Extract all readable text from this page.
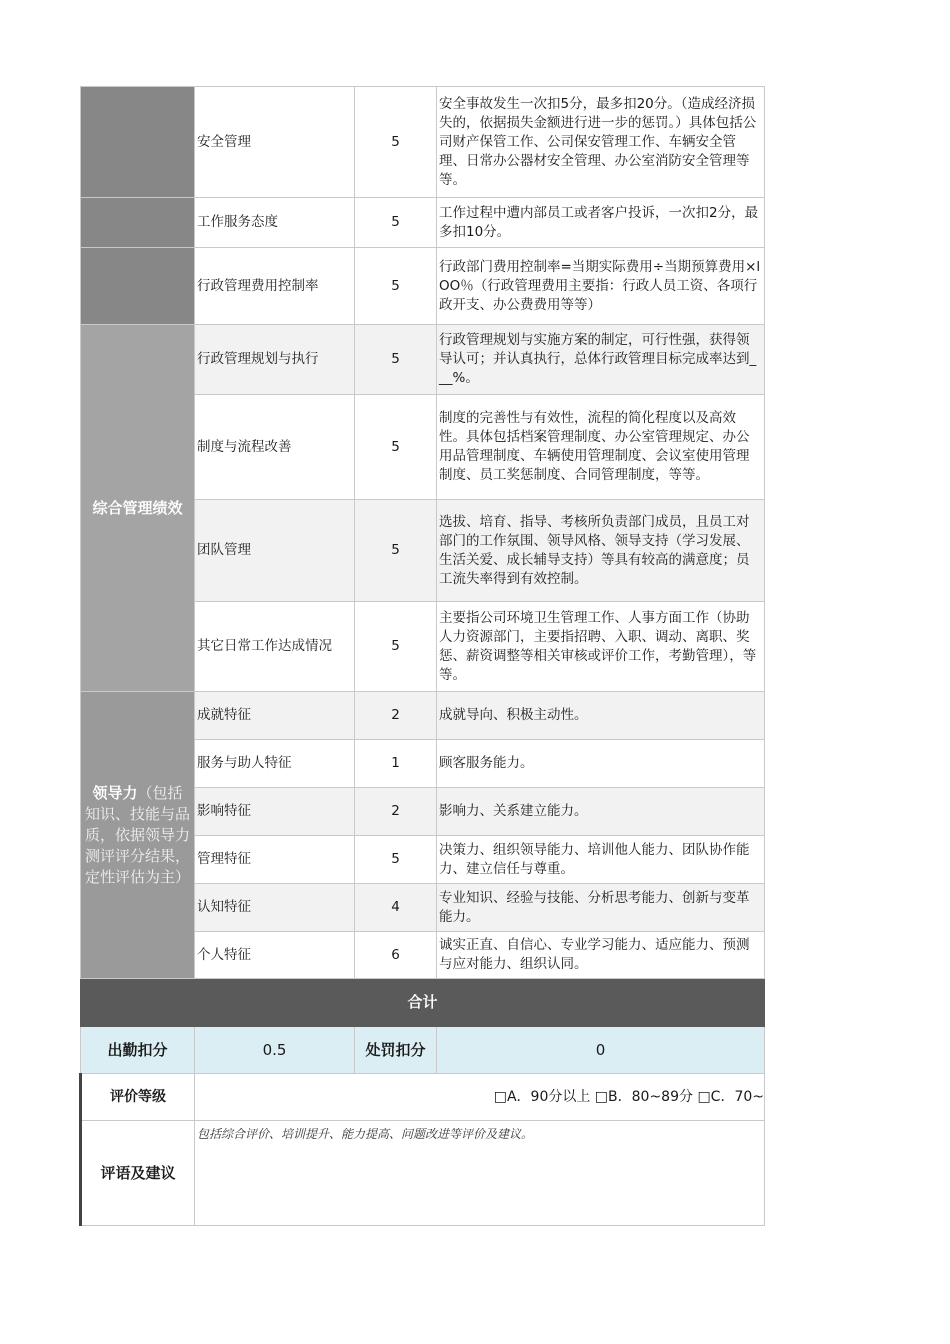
	安全管理	5	安全事故发生一次扣5分，最多扣20分。（造成经济损失的，依据损失金额进行进一步的惩罚。）具体包括公司财产保管工作、公司保安管理工作、车辆安全管理、日常办公器材安全管理、办公室消防安全管理等等。
	工作服务态度	5	工作过程中遭内部员工或者客户投诉，一次扣2分，最多扣10分。
	行政管理费用控制率	5	行政部门费用控制率=当期实际费用÷当期预算费用×lOO％（行政管理费用主要指：行政人员工资、各项行政开支、办公费费用等等）
综合管理绩效	行政管理规划与执行	5	行政管理规划与实施方案的制定，可行性强，获得领导认可；并认真执行，总体行政管理目标完成率达到___%。
	制度与流程改善	5	制度的完善性与有效性，流程的简化程度以及高效性。具体包括档案管理制度、办公室管理规定、办公用品管理制度、车辆使用管理制度、会议室使用管理制度、员工奖惩制度、合同管理制度，等等。
	团队管理	5	选拔、培育、指导、考核所负责部门成员，且员工对部门的工作氛围、领导风格、领导支持（学习发展、生活关爱、成长辅导支持）等具有较高的满意度；员工流失率得到有效控制。
	其它日常工作达成情况	5	主要指公司环境卫生管理工作、人事方面工作（协助人力资源部门，主要指招聘、入职、调动、离职、奖惩、薪资调整等相关审核或评价工作，考勤管理），等等。
领导力（包括知识、技能与品质，依据领导力测评评分结果，定性评估为主）	成就特征	2	成就导向、积极主动性。
	服务与助人特征	1	顾客服务能力。
	影响特征	2	影响力、关系建立能力。
	管理特征	5	决策力、组织领导能力、培训他人能力、团队协作能力、建立信任与尊重。
	认知特征	4	专业知识、经验与技能、分析思考能力、创新与变革能力。
	个人特征	6	诚实正直、自信心、专业学习能力、适应能力、预测与应对能力、组织认同。
合计			
出勤扣分	0.5	处罚扣分	0
评价等级	□A．90分以上 □B．80~89分 □C．70~		
评语及建议	包括综合评价、培训提升、能力提高、问题改进等评价及建议。		
